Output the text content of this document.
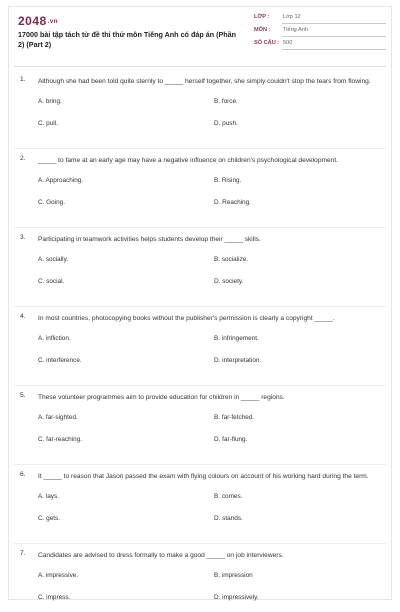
2048.vn
17000 bài tập tách từ đề thi thử môn Tiếng Anh có đáp án (Phần 2) (Part 2)
LỚP : Lớp 12
MÔN : Tiếng Anh
SỐ CÂU : 500
1. Although she had been told quite sternly to _____ herself together, she simply couldn't stop the tears from flowing.
A. bring.	B. force.
C. pull.	D. push.
2. _____ to fame at an early age may have a negative influence on children's psychological development.
A. Approaching.	B. Rising.
C. Going.	D. Reaching.
3. Participating in teamwork activities helps students develop their _____ skills.
A. socially.	B. socialize.
C. social.	D. society.
4. In most countries, photocopying books without the publisher's permission is clearly a copyright _____.
A. infliction.	B. infringement.
C. interference.	D. interpretation.
5. These volunteer programmes aim to provide education for children in _____ regions.
A. far-sighted.	B. far-fetched.
C. far-reaching.	D. far-flung.
6. It _____ to reason that Jason passed the exam with flying colours on account of his working hard during the term.
A. lays.	B. comes.
C. gets.	D. stands.
7. Candidates are advised to dress formally to make a good _____ on job interviewers.
A. impressive.	B. impression
C. impress.	D. impressively.
